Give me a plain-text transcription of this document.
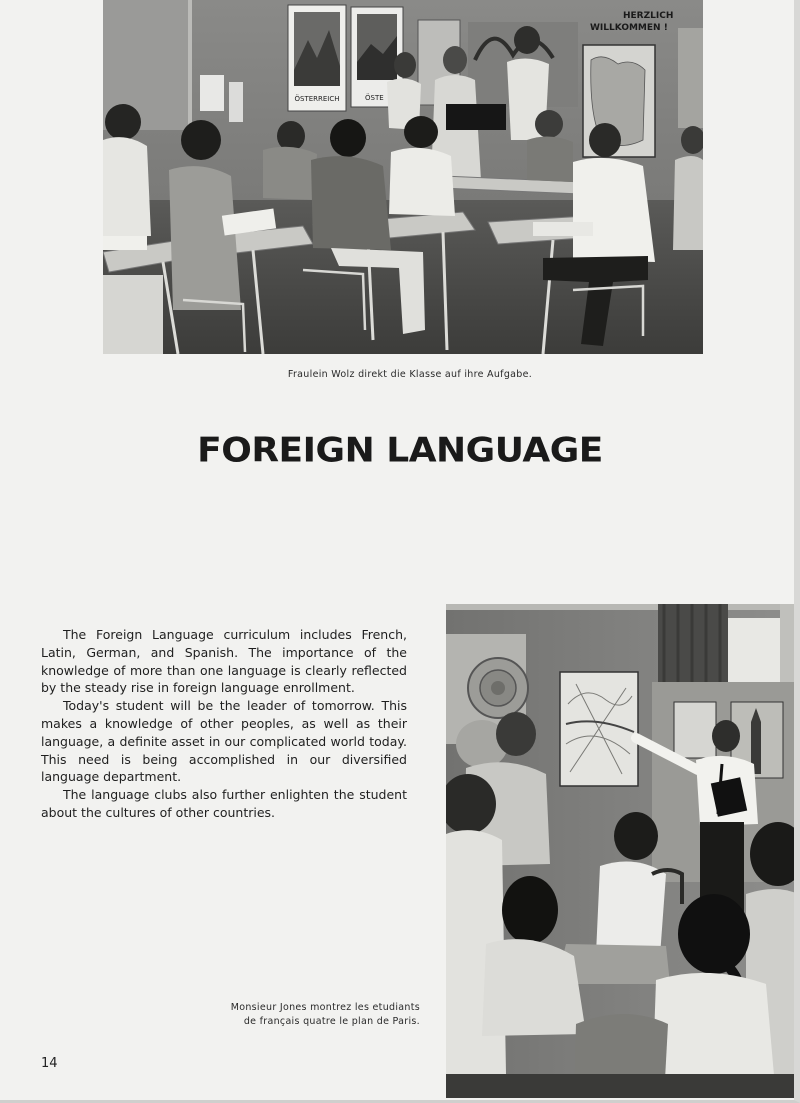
ÖSTERREICH	ÖSTE
HERZLICH
WILLKOMMEN !
Fraulein Wolz direkt die Klasse auf ihre Aufgabe.
FOREIGN LANGUAGE

The Foreign Language curriculum includes French, Latin, German, and Spanish. The importance of the knowledge of more than one language is clearly reflected by the steady rise in foreign language enrollment.

Today's student will be the leader of tomorrow. This makes a knowledge of other peoples, as well as their language, a definite asset in our complicated world today. This need is being accomplished in our diversified language department.

The language clubs also further enlighten the student about the cultures of other countries.

Monsieur Jones montrez les etudiants
de français quatre le plan de Paris.
14
